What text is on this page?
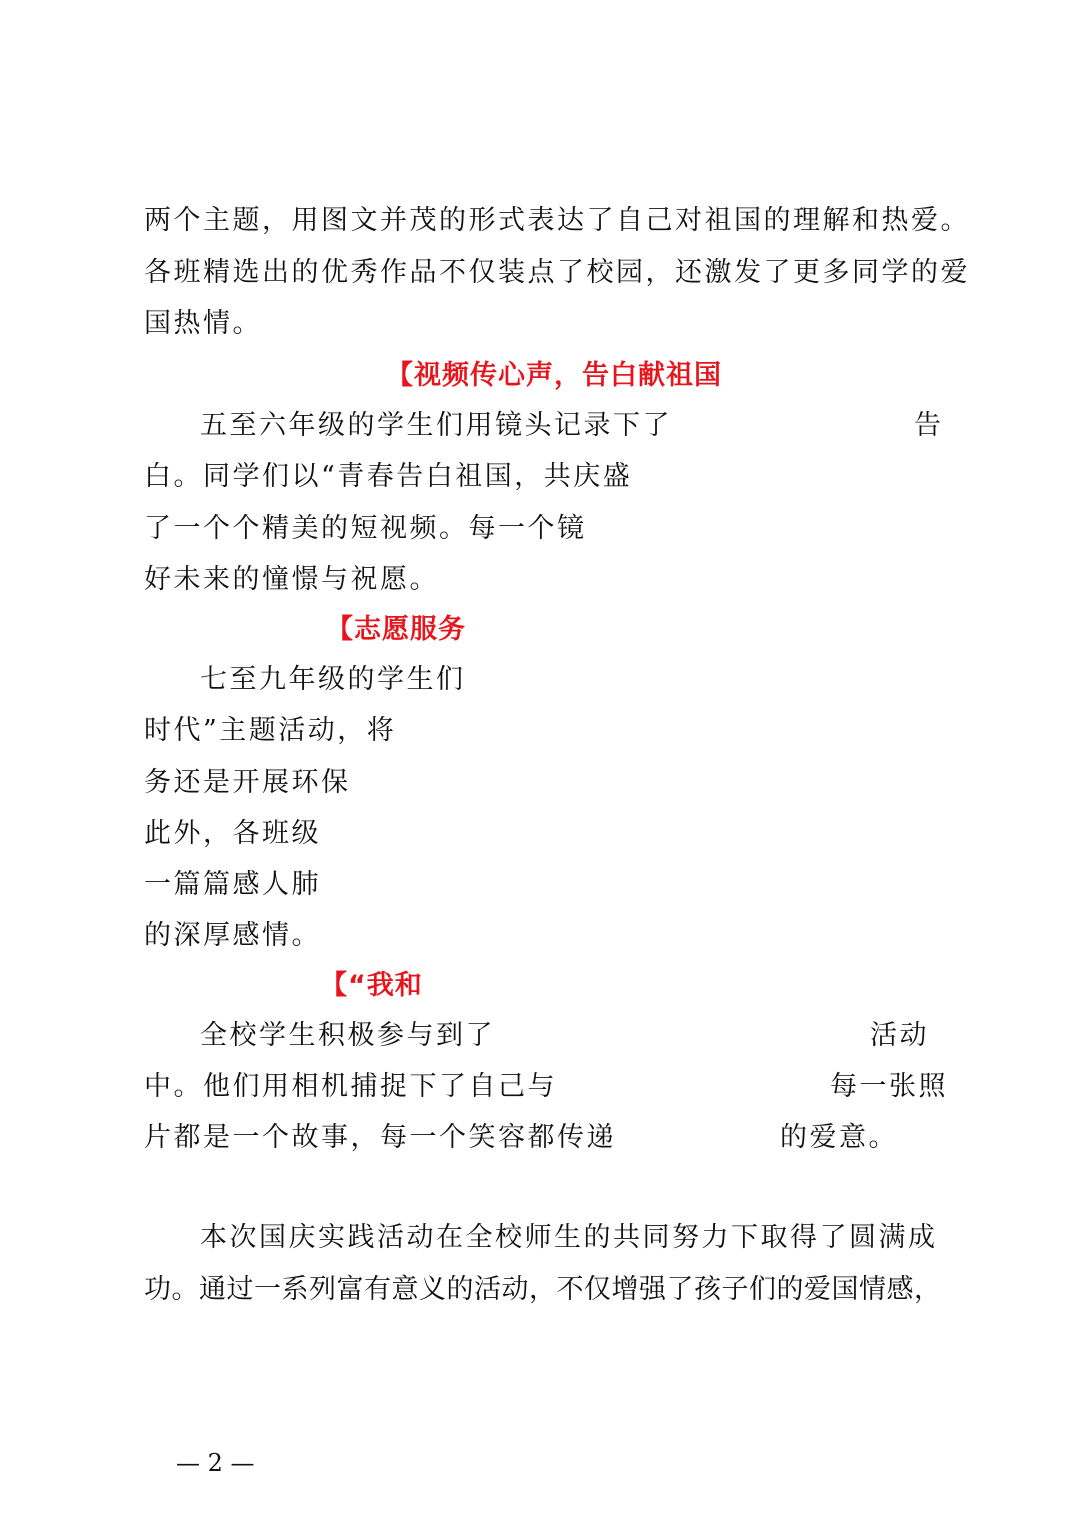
两个主题，用图文并茂的形式表达了自己对祖国的理解和热爱。
各班精选出的优秀作品不仅装点了校园，还激发了更多同学的爱
国热情。
【视频传心声，告白献祖国
五至六年级的学生们用镜头记录下了	告
白。同学们以“青春告白祖国，共庆盛
了一个个精美的短视频。每一个镜
好未来的憧憬与祝愿。
【志愿服务
七至九年级的学生们
时代”主题活动，将
务还是开展环保
此外，各班级
一篇篇感人肺
的深厚感情。
【“我和
全校学生积极参与到了	活动
中。他们用相机捕捉下了自己与	每一张照
片都是一个故事，每一个笑容都传递	的爱意。
本次国庆实践活动在全校师生的共同努力下取得了圆满成
功。通过一系列富有意义的活动，不仅增强了孩子们的爱国情感，
— 2 —
